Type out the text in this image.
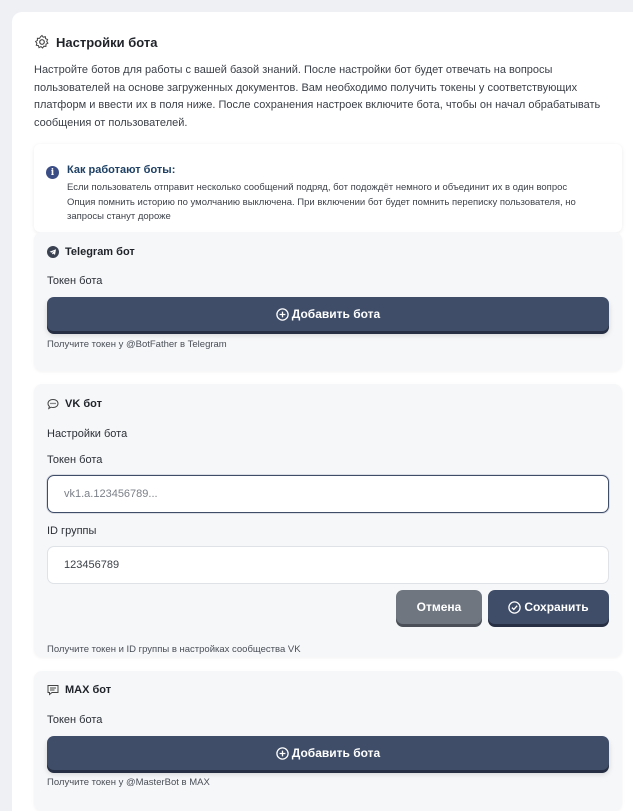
Настройки бота

Настройте ботов для работы с вашей базой знаний. После настройки бот будет отвечать на вопросы пользователей на основе загруженных документов. Вам необходимо получить токены у соответствующих платформ и ввести их в поля ниже. После сохранения настроек включите бота, чтобы он начал обрабатывать сообщения от пользователей.

i	Как работают боты:
Если пользователь отправит несколько сообщений подряд, бот подождёт немного и объединит их в один вопрос
Опция помнить историю по умолчанию выключена. При включении бот будет помнить переписку пользователя, но
запросы станут дороже
Telegram бот
Токен бота
Добавить бота
Получите токен у @BotFather в Telegram
VK бот
Настройки бота
Токен бота
vk1.a.123456789...
ID группы
123456789
Отмена	Сохранить
Получите токен и ID группы в настройках сообщества VK
MAX бот
Токен бота
Добавить бота
Получите токен у @MasterBot в MAX
